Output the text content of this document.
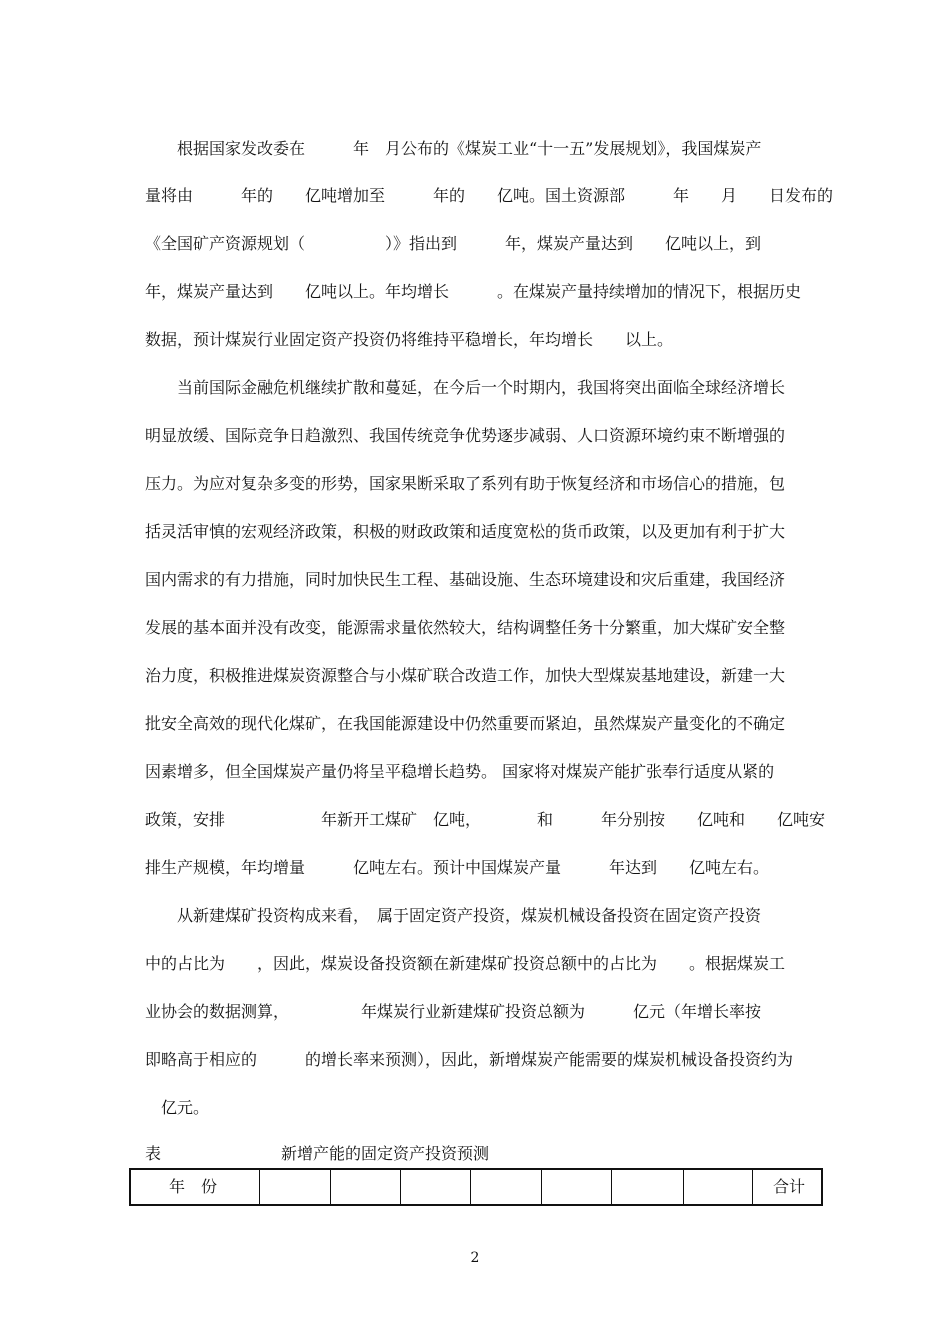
根据国家发改委在　　　年　月公布的《煤炭工业“十一五”发展规划》，我国煤炭产
量将由　　　年的　　亿吨增加至　　　年的　　亿吨。国土资源部　　　年　　月　　日发布的
《全国矿产资源规划（　　　　　）》指出到　　　年，煤炭产量达到　　亿吨以上，到
年，煤炭产量达到　　亿吨以上。年均增长　　　。在煤炭产量持续增加的情况下，根据历史
数据，预计煤炭行业固定资产投资仍将维持平稳增长，年均增长　　以上。
当前国际金融危机继续扩散和蔓延，在今后一个时期内，我国将突出面临全球经济增长
明显放缓、国际竞争日趋激烈、我国传统竞争优势逐步减弱、人口资源环境约束不断增强的
压力。为应对复杂多变的形势，国家果断采取了系列有助于恢复经济和市场信心的措施，包
括灵活审慎的宏观经济政策，积极的财政政策和适度宽松的货币政策，以及更加有利于扩大
国内需求的有力措施，同时加快民生工程、基础设施、生态环境建设和灾后重建，我国经济
发展的基本面并没有改变，能源需求量依然较大，结构调整任务十分繁重，加大煤矿安全整
治力度，积极推进煤炭资源整合与小煤矿联合改造工作，加快大型煤炭基地建设，新建一大
批安全高效的现代化煤矿，在我国能源建设中仍然重要而紧迫，虽然煤炭产量变化的不确定
因素增多，但全国煤炭产量仍将呈平稳增长趋势。 国家将对煤炭产能扩张奉行适度从紧的
政策，安排　　　　　　年新开工煤矿　亿吨，　　　　和　　　年分别按　　亿吨和　　亿吨安
排生产规模，年均增量　　　亿吨左右。预计中国煤炭产量　　　年达到　　亿吨左右。
从新建煤矿投资构成来看，　属于固定资产投资，煤炭机械设备投资在固定资产投资
中的占比为　　，因此，煤炭设备投资额在新建煤矿投资总额中的占比为　　。根据煤炭工
业协会的数据测算，　　　　　年煤炭行业新建煤矿投资总额为　　　亿元（年增长率按
即略高于相应的　　　的增长率来预测），因此，新增煤炭产能需要的煤炭机械设备投资约为
　亿元。
表	新增产能的固定资产投资预测
年　份	合计
2
